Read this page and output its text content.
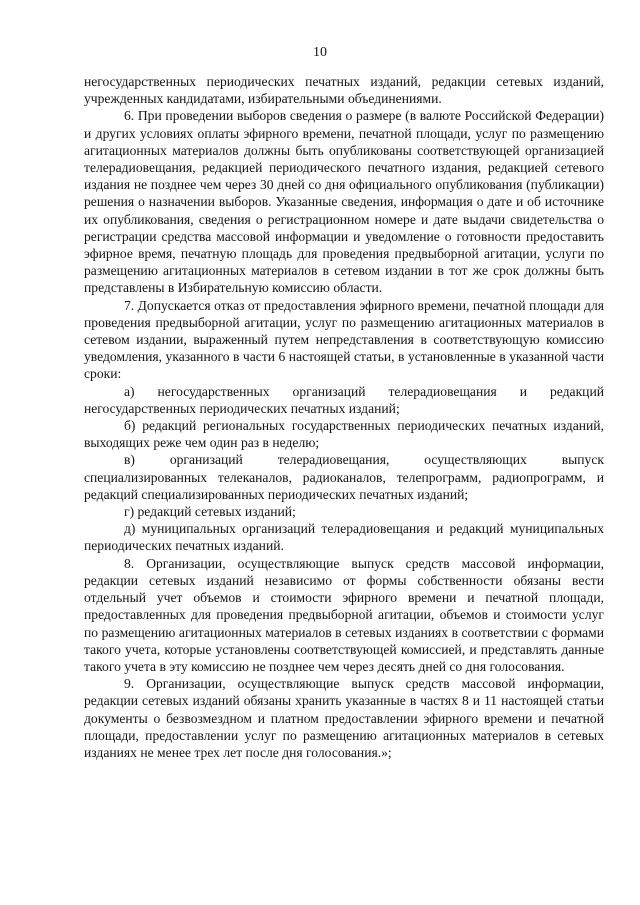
10

негосударственных периодических печатных изданий, редакции сетевых изданий, учрежденных кандидатами, избирательными объединениями.

6. При проведении выборов сведения о размере (в валюте Российской Федерации) и других условиях оплаты эфирного времени, печатной площади, услуг по размещению агитационных материалов должны быть опубликованы соответствующей организацией телерадиовещания, редакцией периодического печатного издания, редакцией сетевого издания не позднее чем через 30 дней со дня официального опубликования (публикации) решения о назначении выборов. Указанные сведения, информация о дате и об источнике их опубликования, сведения о регистрационном номере и дате выдачи свидетельства о регистрации средства массовой информации и уведомление о готовности предоставить эфирное время, печатную площадь для проведения предвыборной агитации, услуги по размещению агитационных материалов в сетевом издании в тот же срок должны быть представлены в Избирательную комиссию области.

7. Допускается отказ от предоставления эфирного времени, печатной площади для проведения предвыборной агитации, услуг по размещению агитационных материалов в сетевом издании, выраженный путем непредставления в соответствующую комиссию уведомления, указанного в части 6 настоящей статьи, в установленные в указанной части сроки:

а) негосударственных организаций телерадиовещания и редакций негосударственных периодических печатных изданий;

б) редакций региональных государственных периодических печатных изданий, выходящих реже чем один раз в неделю;

в) организаций телерадиовещания, осуществляющих выпуск специализированных телеканалов, радиоканалов, телепрограмм, радиопрограмм, и редакций специализированных периодических печатных изданий;

г) редакций сетевых изданий;

д) муниципальных организаций телерадиовещания и редакций муниципальных периодических печатных изданий.

8. Организации, осуществляющие выпуск средств массовой информации, редакции сетевых изданий независимо от формы собственности обязаны вести отдельный учет объемов и стоимости эфирного времени и печатной площади, предоставленных для проведения предвыборной агитации, объемов и стоимости услуг по размещению агитационных материалов в сетевых изданиях в соответствии с формами такого учета, которые установлены соответствующей комиссией, и представлять данные такого учета в эту комиссию не позднее чем через десять дней со дня голосования.

9. Организации, осуществляющие выпуск средств массовой информации, редакции сетевых изданий обязаны хранить указанные в частях 8 и 11 настоящей статьи документы о безвозмездном и платном предоставлении эфирного времени и печатной площади, предоставлении услуг по размещению агитационных материалов в сетевых изданиях не менее трех лет после дня голосования.»;
